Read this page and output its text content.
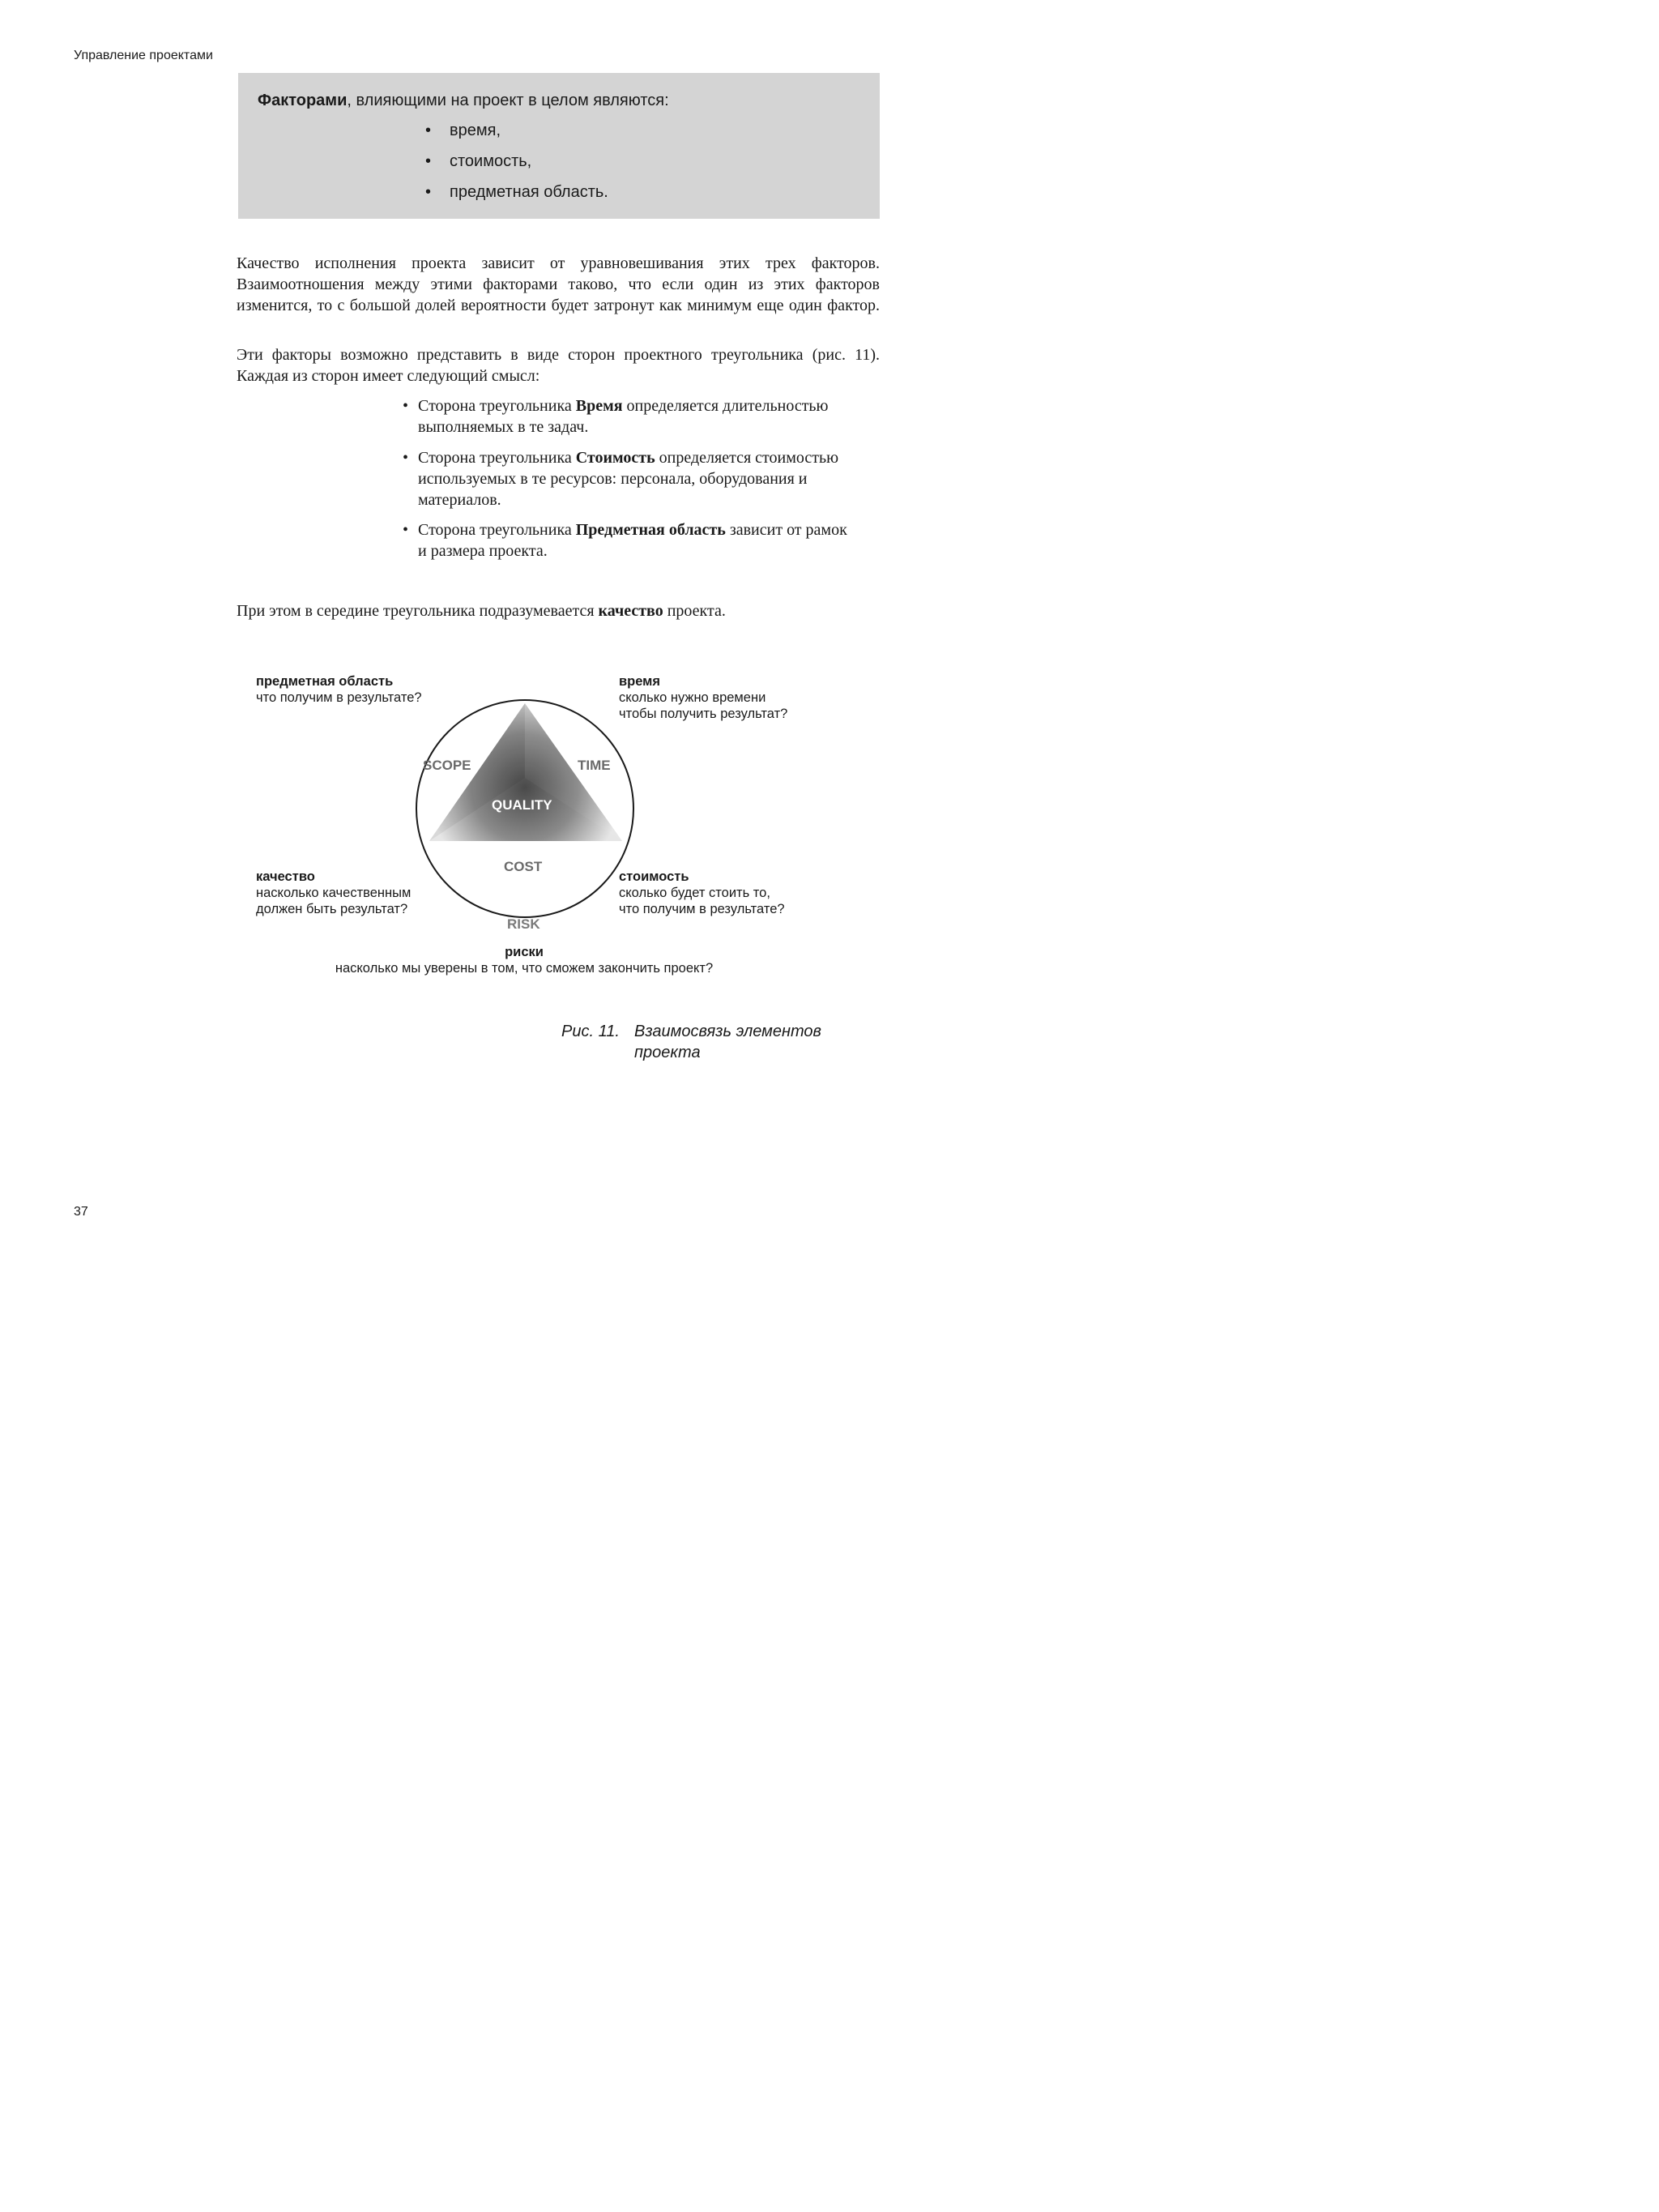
Управление проектами
Факторами, влияющими на проект в целом являются:
• время,
• стоимость,
• предметная область.
Качество исполнения проекта зависит от уравновешивания этих трех факторов. Взаимоотношения между этими факторами таково, что если один из этих факторов изменится, то с большой долей вероятности будет затронут как минимум еще один фактор.
Эти факторы возможно представить в виде сторон проектного треугольника (рис. 11). Каждая из сторон имеет следующий смысл:
• Сторона треугольника Время определяется длительностью выполняемых в те задач.
• Сторона треугольника Стоимость определяется стоимостью используемых в те ресурсов: персонала, оборудования и материалов.
• Сторона треугольника Предметная область зависит от рамок и размера проекта.
При этом в середине треугольника подразумевается качество проекта.
SCOPE	TIME
QUALITY
COST
RISK
предметная область
что получим в результате?
время
сколько нужно времени
чтобы получить результат?
качество
насколько качественным
должен быть результат?
стоимость
сколько будет стоить то,
что получим в результате?
риски
насколько мы уверены в том, что сможем закончить проект?
Рис. 11. Взаимосвязь элементов
проекта
37
